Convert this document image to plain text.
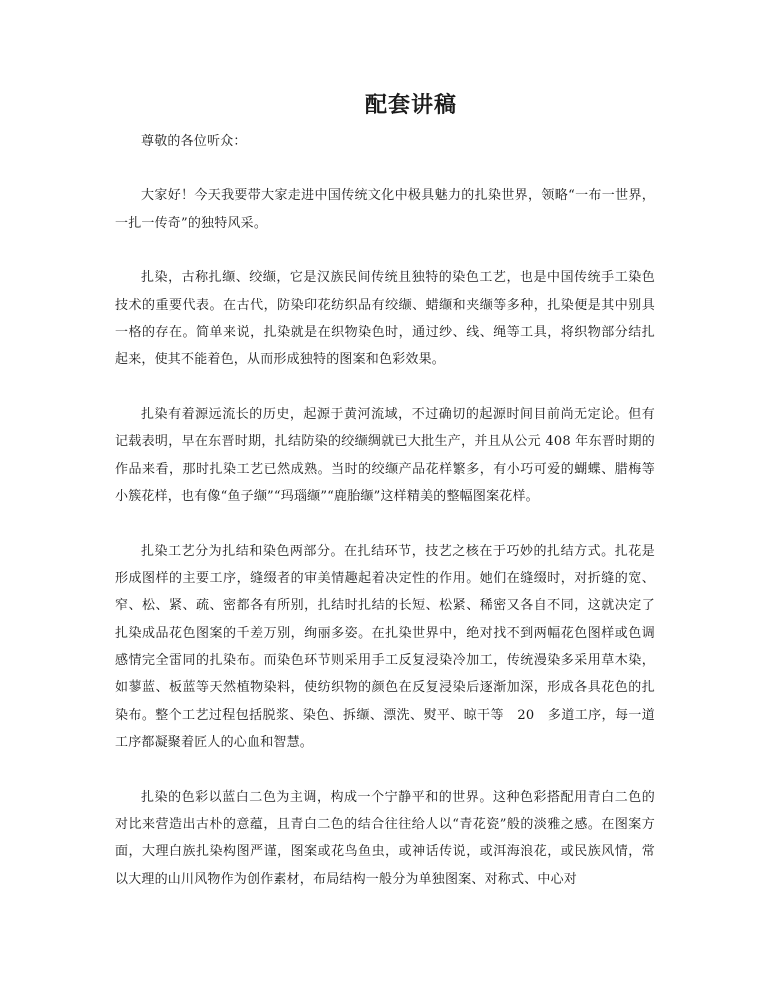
配套讲稿

尊敬的各位听众：

大家好！今天我要带大家走进中国传统文化中极具魅力的扎染世界，领略“一布一世界，一扎一传奇”的独特风采。

扎染，古称扎缬、绞缬，它是汉族民间传统且独特的染色工艺，也是中国传统手工染色技术的重要代表。在古代，防染印花纺织品有绞缬、蜡缬和夹缬等多种，扎染便是其中别具一格的存在。简单来说，扎染就是在织物染色时，通过纱、线、绳等工具，将织物部分结扎起来，使其不能着色，从而形成独特的图案和色彩效果。

扎染有着源远流长的历史，起源于黄河流域，不过确切的起源时间目前尚无定论。但有记载表明，早在东晋时期，扎结防染的绞缬绸就已大批生产，并且从公元 408 年东晋时期的作品来看，那时扎染工艺已然成熟。当时的绞缬产品花样繁多，有小巧可爱的蝴蝶、腊梅等小簇花样，也有像“鱼子缬”“玛瑙缬”“鹿胎缬”这样精美的整幅图案花样。

扎染工艺分为扎结和染色两部分。在扎结环节，技艺之核在于巧妙的扎结方式。扎花是形成图样的主要工序，缝缀者的审美情趣起着决定性的作用。她们在缝缀时，对折缝的宽、窄、松、紧、疏、密都各有所别，扎结时扎结的长短、松紧、稀密又各自不同，这就决定了扎染成品花色图案的千差万别，绚丽多姿。在扎染世界中，绝对找不到两幅花色图样或色调感情完全雷同的扎染布。而染色环节则采用手工反复浸染冷加工，传统漫染多采用草木染，如蓼蓝、板蓝等天然植物染料，使纺织物的颜色在反复浸染后逐渐加深，形成各具花色的扎染布。整个工艺过程包括脱浆、染色、拆缬、漂洗、熨平、晾干等　20　多道工序，每一道工序都凝聚着匠人的心血和智慧。

扎染的色彩以蓝白二色为主调，构成一个宁静平和的世界。这种色彩搭配用青白二色的对比来营造出古朴的意蕴，且青白二色的结合往往给人以“青花瓷”般的淡雅之感。在图案方面，大理白族扎染构图严谨，图案或花鸟鱼虫，或神话传说，或洱海浪花，或民族风情，常以大理的山川风物作为创作素材，布局结构一般分为单独图案、对称式、中心对
